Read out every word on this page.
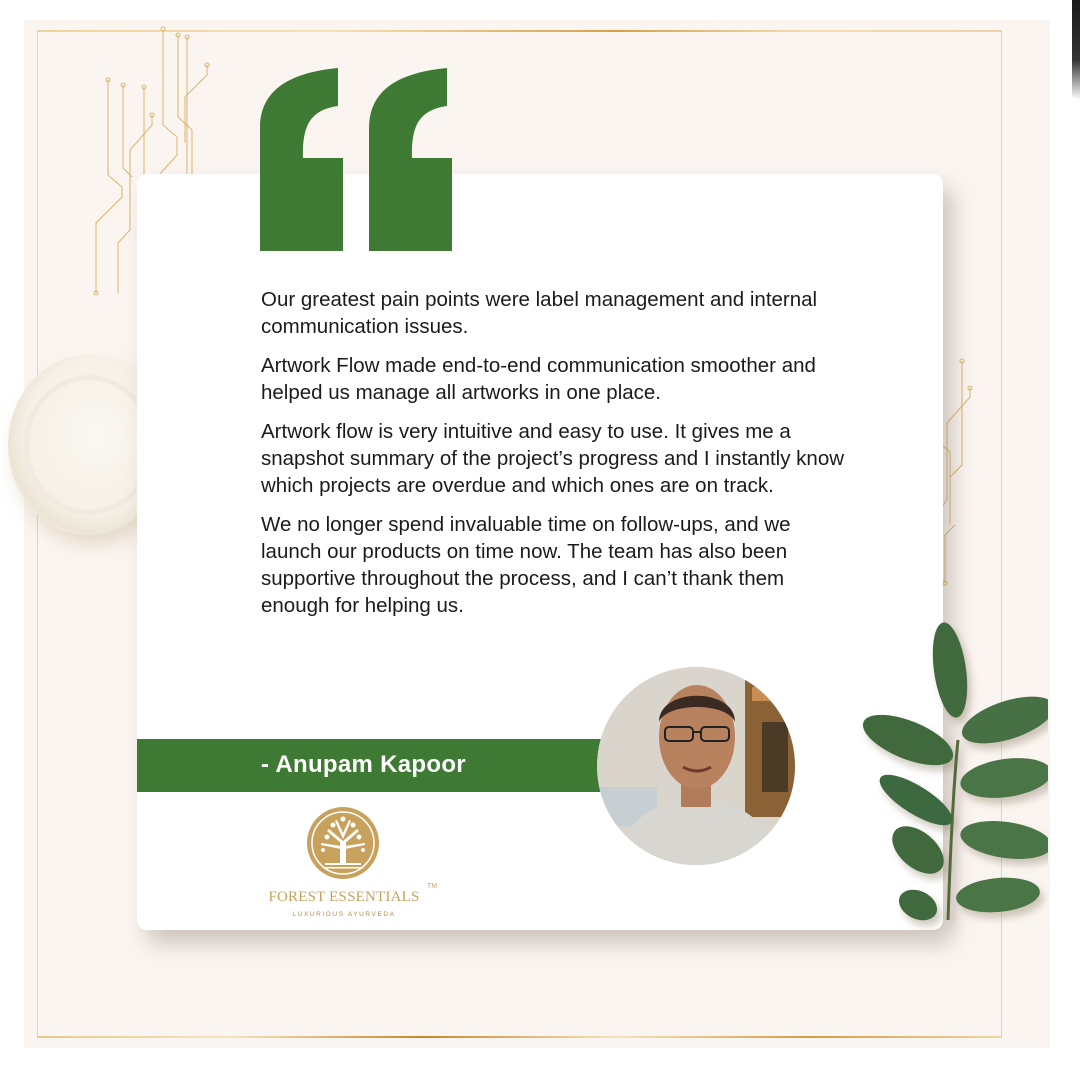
Our greatest pain points were label management and internal communication issues.

Artwork Flow made end-to-end communication smoother and helped us manage all artworks in one place.

Artwork flow is very intuitive and easy to use. It gives me a snapshot summary of the project’s progress and I instantly know which projects are overdue and which ones are on track.

We no longer spend invaluable time on follow-ups, and we launch our products on time now. The team has also been supportive throughout the process, and I can’t thank them enough for helping us.

- Anupam Kapoor
FOREST ESSENTIALS
TM
LUXURIOUS AYURVEDA
